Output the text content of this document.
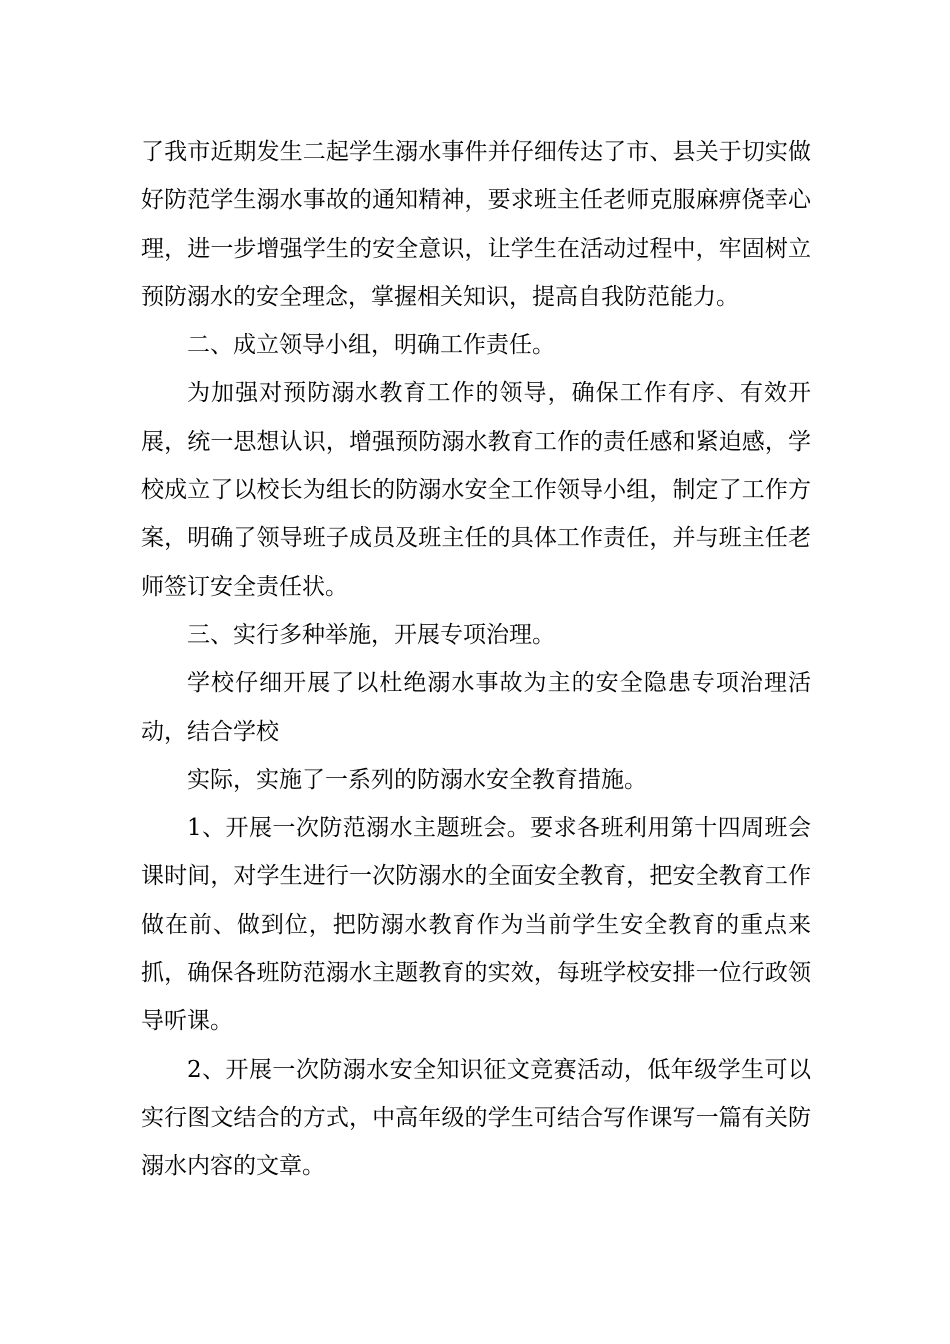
了我市近期发生二起学生溺水事件并仔细传达了市、县关于切实做好防范学生溺水事故的通知精神，要求班主任老师克服麻痹侥幸心理，进一步增强学生的安全意识，让学生在活动过程中，牢固树立预防溺水的安全理念，掌握相关知识，提高自我防范能力。

二、成立领导小组，明确工作责任。

为加强对预防溺水教育工作的领导，确保工作有序、有效开展，统一思想认识，增强预防溺水教育工作的责任感和紧迫感，学校成立了以校长为组长的防溺水安全工作领导小组，制定了工作方案，明确了领导班子成员及班主任的具体工作责任，并与班主任老师签订安全责任状。

三、实行多种举施，开展专项治理。

学校仔细开展了以杜绝溺水事故为主的安全隐患专项治理活动，结合学校

实际，实施了一系列的防溺水安全教育措施。

1、开展一次防范溺水主题班会。要求各班利用第十四周班会课时间，对学生进行一次防溺水的全面安全教育，把安全教育工作做在前、做到位，把防溺水教育作为当前学生安全教育的重点来抓，确保各班防范溺水主题教育的实效，每班学校安排一位行政领导听课。

2、开展一次防溺水安全知识征文竞赛活动，低年级学生可以实行图文结合的方式，中高年级的学生可结合写作课写一篇有关防溺水内容的文章。
